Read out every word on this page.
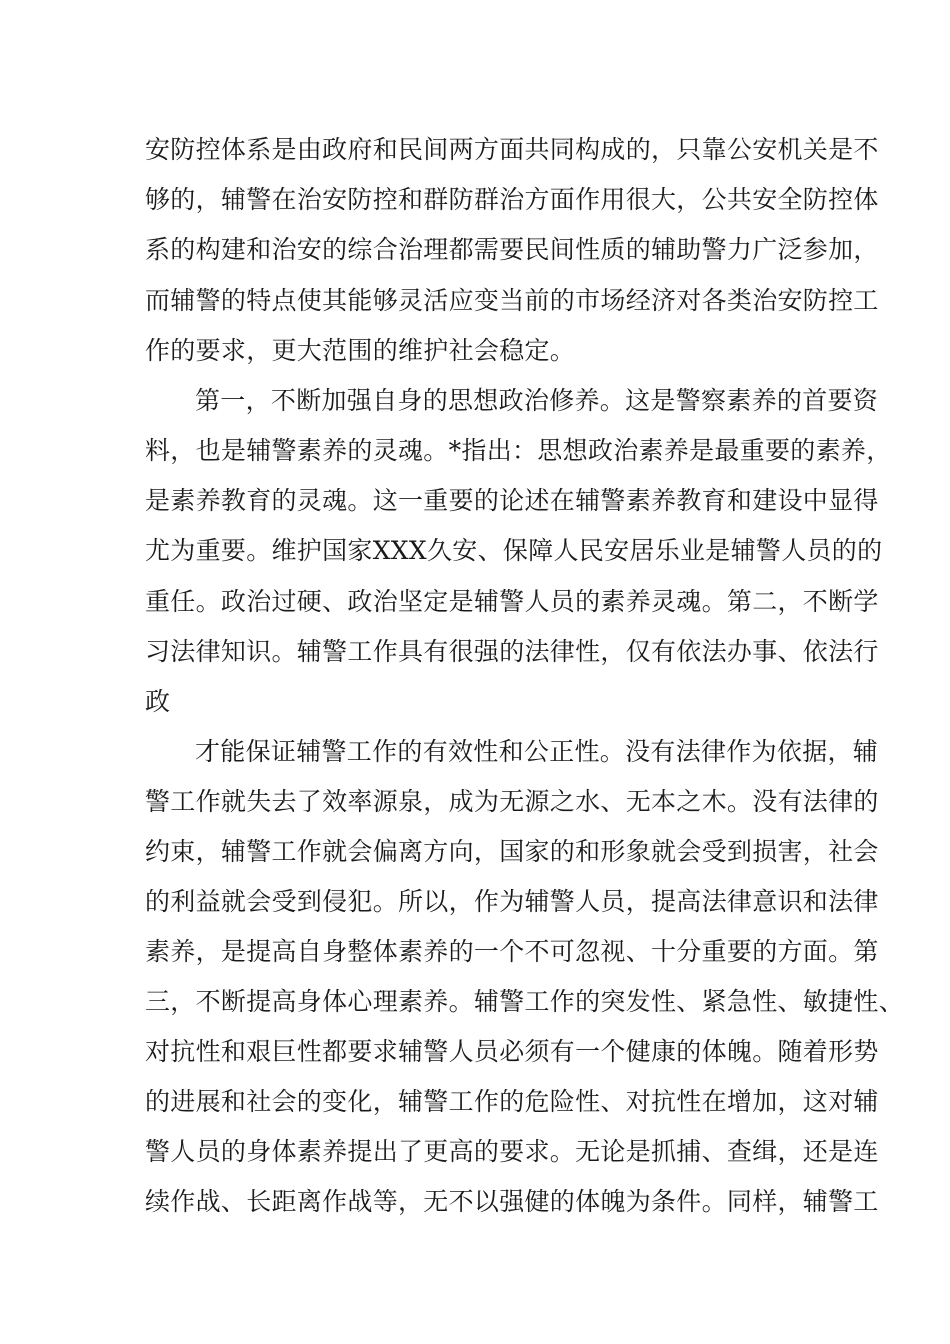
安防控体系是由政府和民间两方面共同构成的，只靠公安机关是不
够的，辅警在治安防控和群防群治方面作用很大，公共安全防控体
系的构建和治安的综合治理都需要民间性质的辅助警力广泛参加，
而辅警的特点使其能够灵活应变当前的市场经济对各类治安防控工
作的要求，更大范围的维护社会稳定。
第一，不断加强自身的思想政治修养。这是警察素养的首要资
料，也是辅警素养的灵魂。*指出：思想政治素养是最重要的素养，
是素养教育的灵魂。这一重要的论述在辅警素养教育和建设中显得
尤为重要。维护国家XXX久安、保障人民安居乐业是辅警人员的的
重任。政治过硬、政治坚定是辅警人员的素养灵魂。第二，不断学
习法律知识。辅警工作具有很强的法律性，仅有依法办事、依法行
政
才能保证辅警工作的有效性和公正性。没有法律作为依据，辅
警工作就失去了效率源泉，成为无源之水、无本之木。没有法律的
约束，辅警工作就会偏离方向，国家的和形象就会受到损害，社会
的利益就会受到侵犯。所以，作为辅警人员，提高法律意识和法律
素养，是提高自身整体素养的一个不可忽视、十分重要的方面。第
三，不断提高身体心理素养。辅警工作的突发性、紧急性、敏捷性、
对抗性和艰巨性都要求辅警人员必须有一个健康的体魄。随着形势
的进展和社会的变化，辅警工作的危险性、对抗性在增加，这对辅
警人员的身体素养提出了更高的要求。无论是抓捕、查缉，还是连
续作战、长距离作战等，无不以强健的体魄为条件。同样，辅警工
